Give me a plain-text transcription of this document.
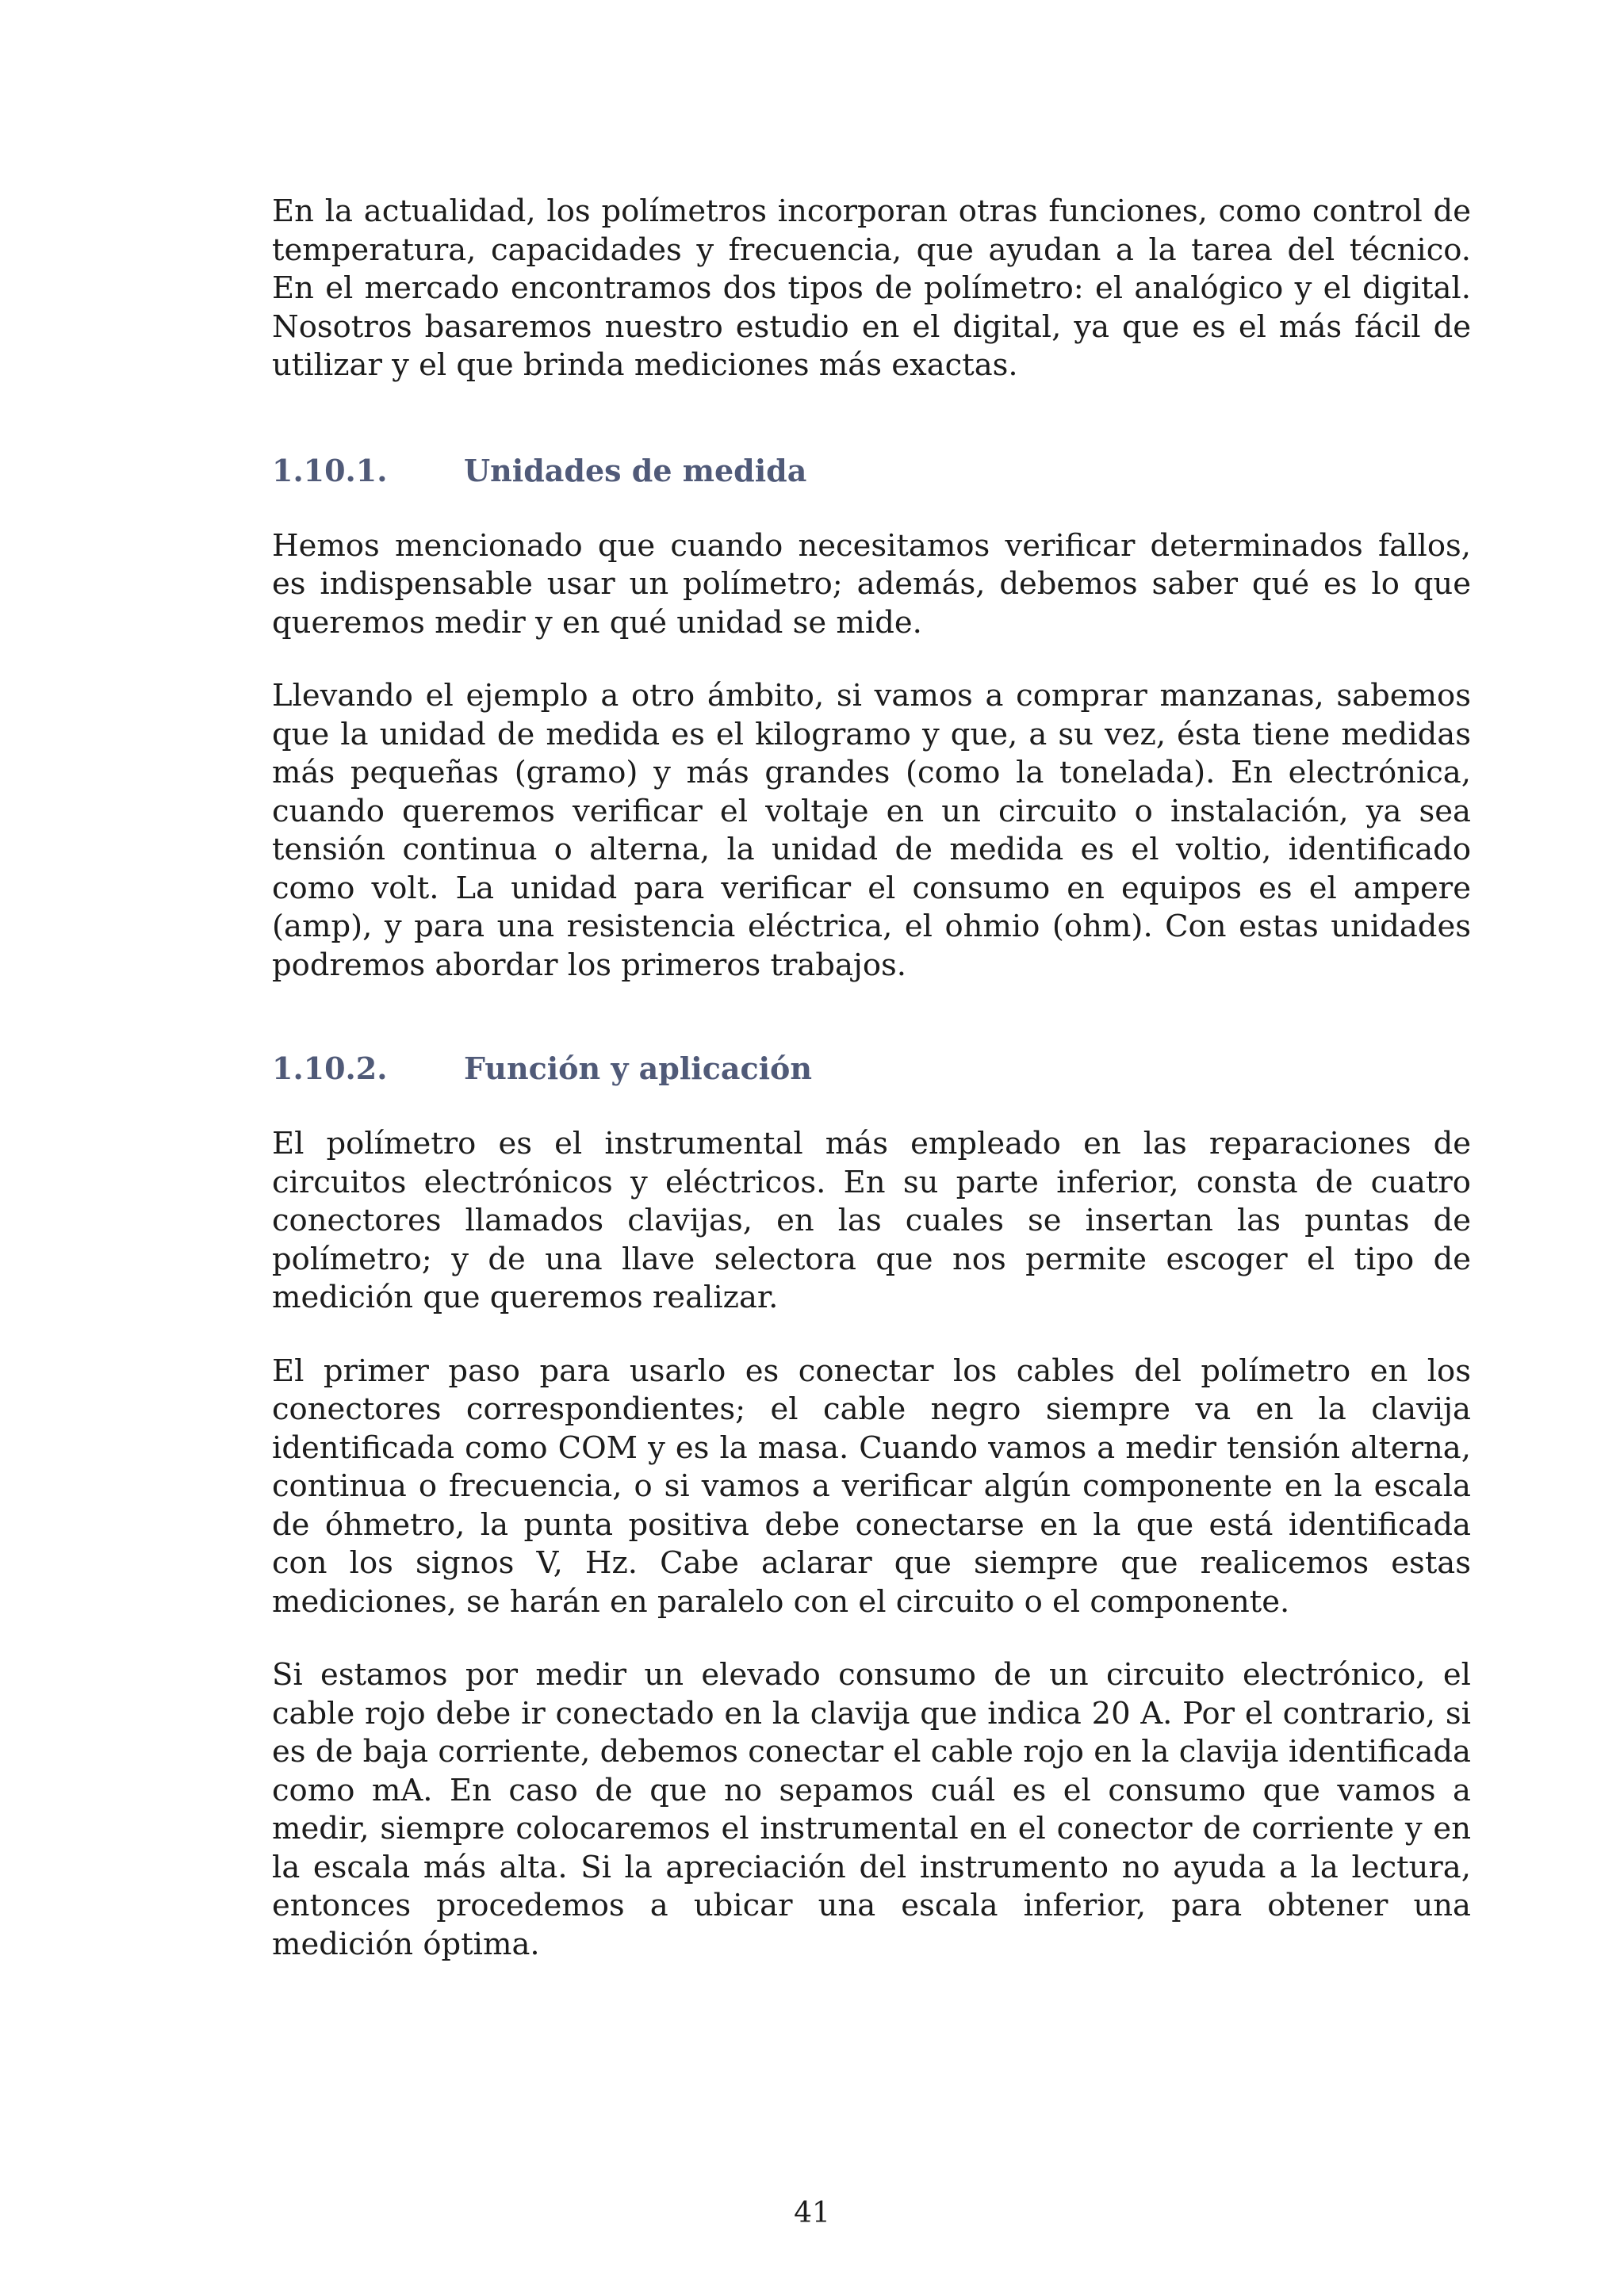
En la actualidad, los polímetros incorporan otras funciones, como control de temperatura, capacidades y frecuencia, que ayudan a la tarea del técnico. En el mercado encontramos dos tipos de polímetro: el analógico y el digital. Nosotros basaremos nuestro estudio en el digital, ya que es el más fácil de utilizar y el que brinda mediciones más exactas.

1.10.1.	Unidades de medida

Hemos mencionado que cuando necesitamos verificar determinados fallos, es indispensable usar un polímetro; además, debemos saber qué es lo que queremos medir y en qué unidad se mide.

Llevando el ejemplo a otro ámbito, si vamos a comprar manzanas, sabemos que la unidad de medida es el kilogramo y que, a su vez, ésta tiene medidas más pequeñas (gramo) y más grandes (como la tonelada). En electrónica, cuando queremos verificar el voltaje en un circuito o instalación, ya sea tensión continua o alterna, la unidad de medida es el voltio, identificado como volt. La unidad para verificar el consumo en equipos es el ampere (amp), y para una resistencia eléctrica, el ohmio (ohm). Con estas unidades podremos abordar los primeros trabajos.

1.10.2.	Función y aplicación

El polímetro es el instrumental más empleado en las reparaciones de circuitos electrónicos y eléctricos. En su parte inferior, consta de cuatro conectores llamados clavijas, en las cuales se insertan las puntas de polímetro; y de una llave selectora que nos permite escoger el tipo de medición que queremos realizar.

El primer paso para usarlo es conectar los cables del polímetro en los conectores correspondientes; el cable negro siempre va en la clavija identificada como COM y es la masa. Cuando vamos a medir tensión alterna, continua o frecuencia, o si vamos a verificar algún componente en la escala de óhmetro, la punta positiva debe conectarse en la que está identificada con los signos V, Hz. Cabe aclarar que siempre que realicemos estas mediciones, se harán en paralelo con el circuito o el componente.

Si estamos por medir un elevado consumo de un circuito electrónico, el cable rojo debe ir conectado en la clavija que indica 20 A. Por el contrario, si es de baja corriente, debemos conectar el cable rojo en la clavija identificada como mA. En caso de que no sepamos cuál es el consumo que vamos a medir, siempre colocaremos el instrumental en el conector de corriente y en la escala más alta. Si la apreciación del instrumento no ayuda a la lectura, entonces procedemos a ubicar una escala inferior, para obtener una medición óptima.

41
